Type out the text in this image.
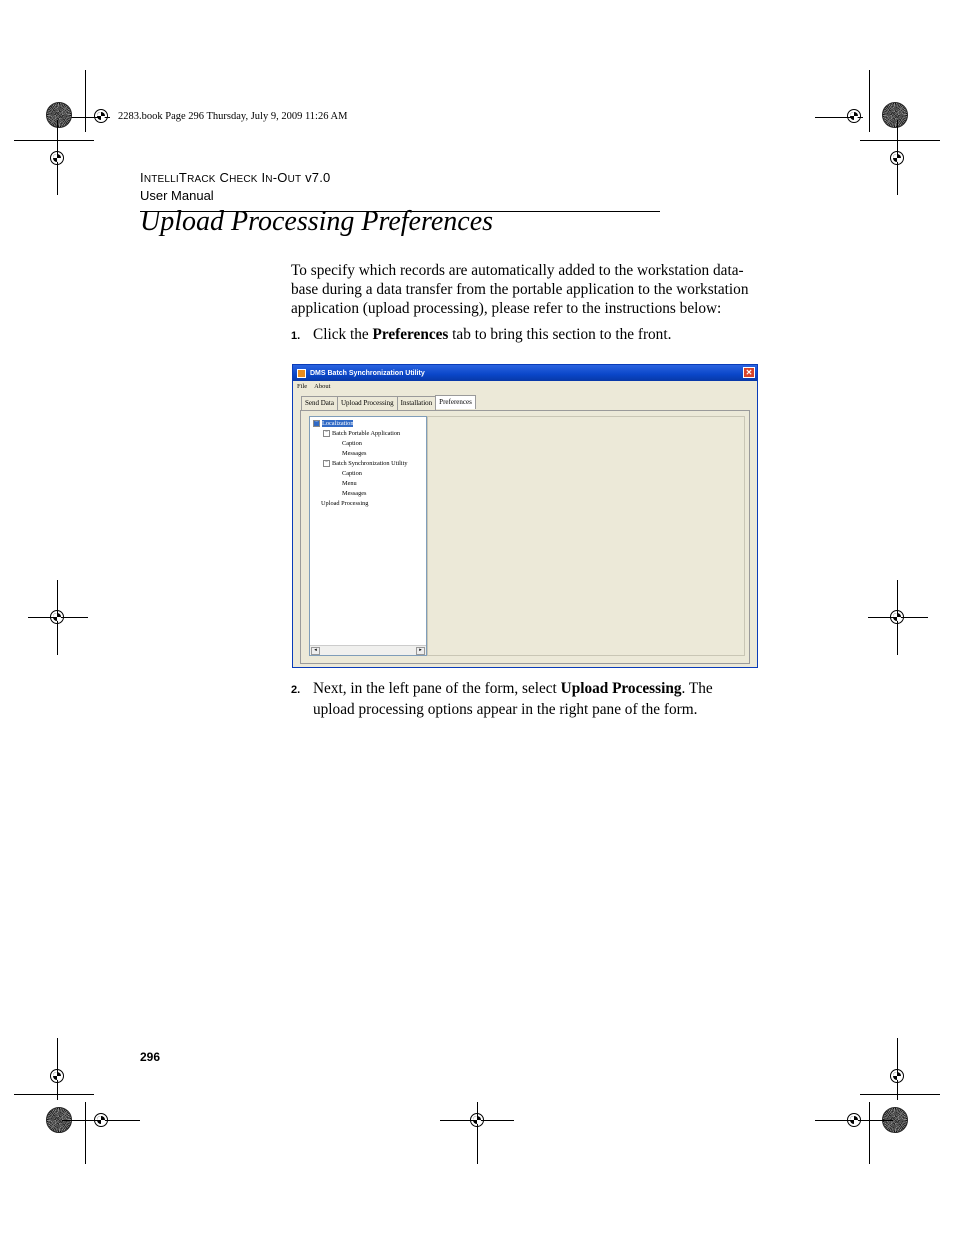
2283.book Page 296 Thursday, July 9, 2009 11:26 AM
INTELLITRACK CHECK IN-OUT v7.0
User Manual
Upload Processing Preferences
To specify which records are automatically added to the workstation data-
base during a data transfer from the portable application to the workstation
application (upload processing), please refer to the instructions below:
1. Click the Preferences tab to bring this section to the front.
DMS Batch Synchronization Utility	✕
File About
Send Data	Upload Processing	Installation	Preferences
− Localization
− Batch Portable Application
Caption
Messages
− Batch Synchronization Utility
Caption
Menu
Messages
Upload Processing
◂	▸
2. Next, in the left pane of the form, select Upload Processing. The
upload processing options appear in the right pane of the form.
296
